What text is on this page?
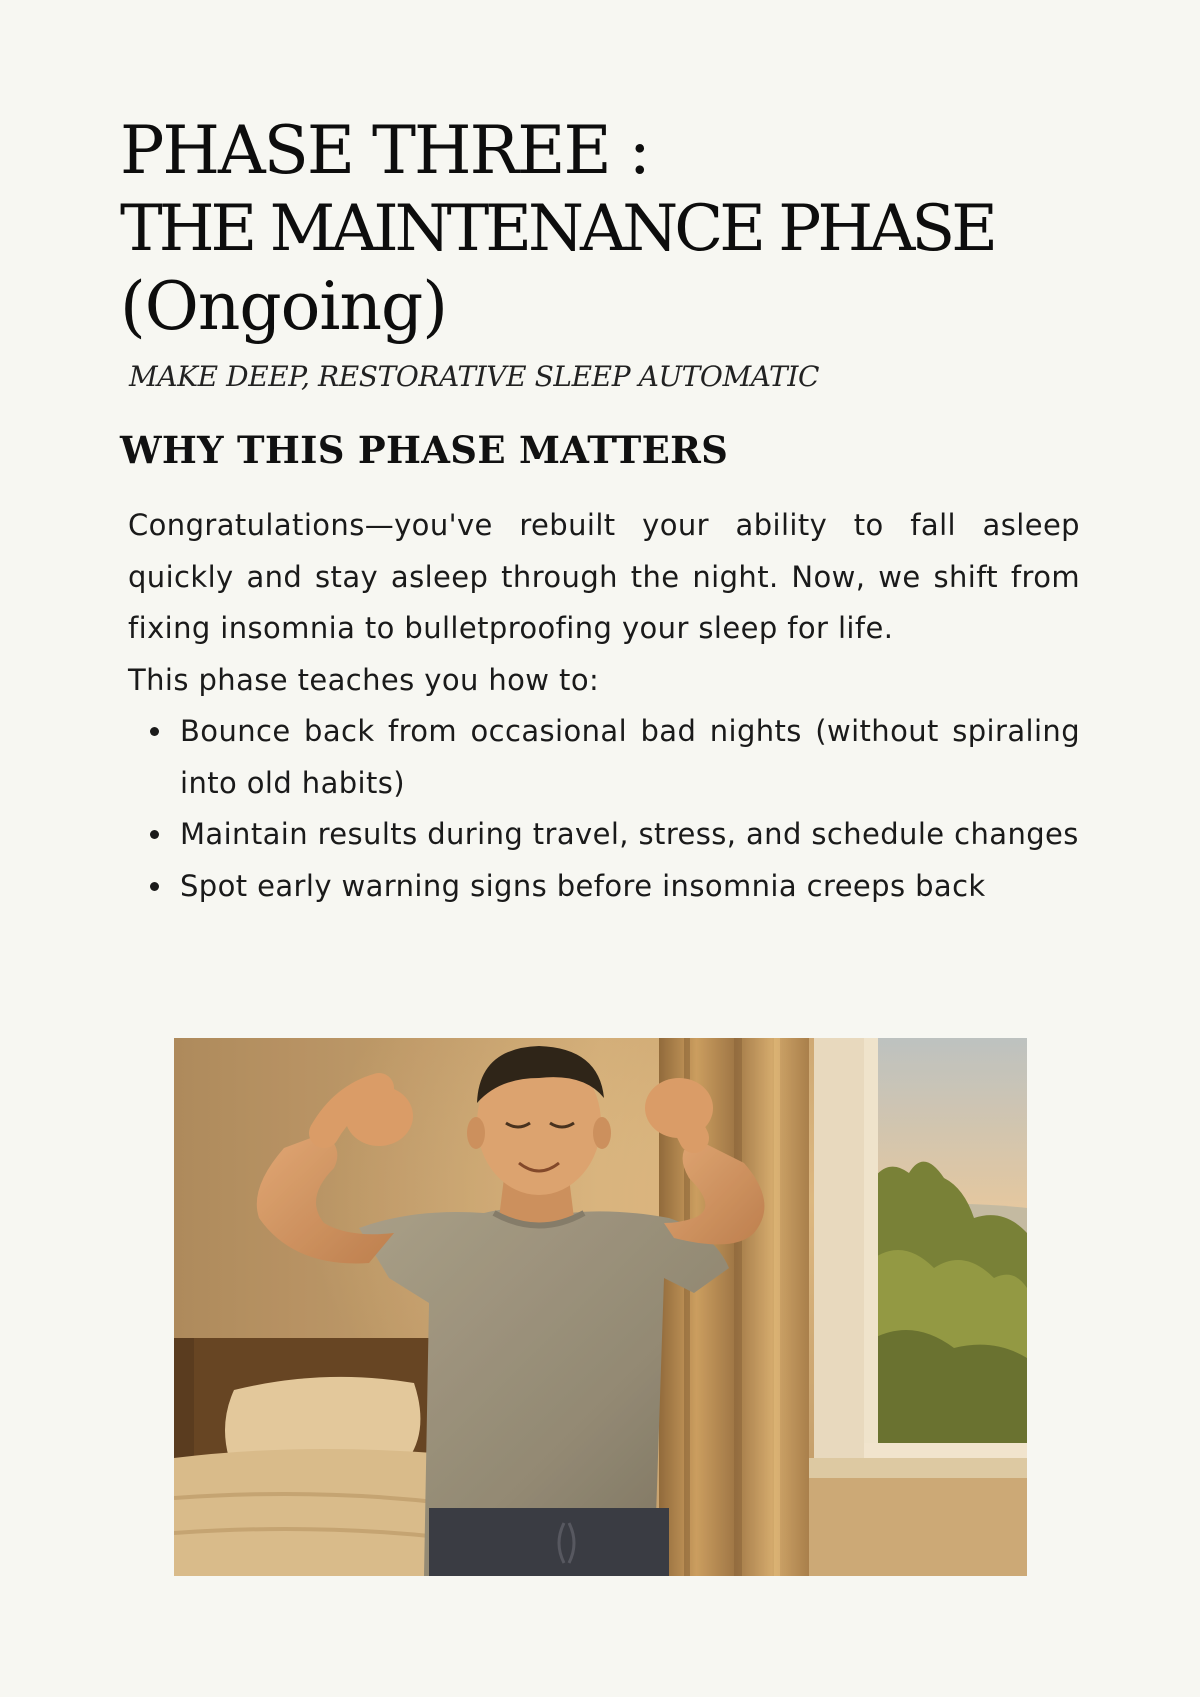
PHASE THREE :
THE MAINTENANCE PHASE
(Ongoing)

MAKE DEEP, RESTORATIVE SLEEP AUTOMATIC

WHY THIS PHASE MATTERS

Congratulations—you've rebuilt your ability to fall asleep quickly and stay asleep through the night. Now, we shift from fixing insomnia to bulletproofing your sleep for life.

This phase teaches you how to:

Bounce back from occasional bad nights (without spiraling into old habits)
Maintain results during travel, stress, and schedule changes
Spot early warning signs before insomnia creeps back
